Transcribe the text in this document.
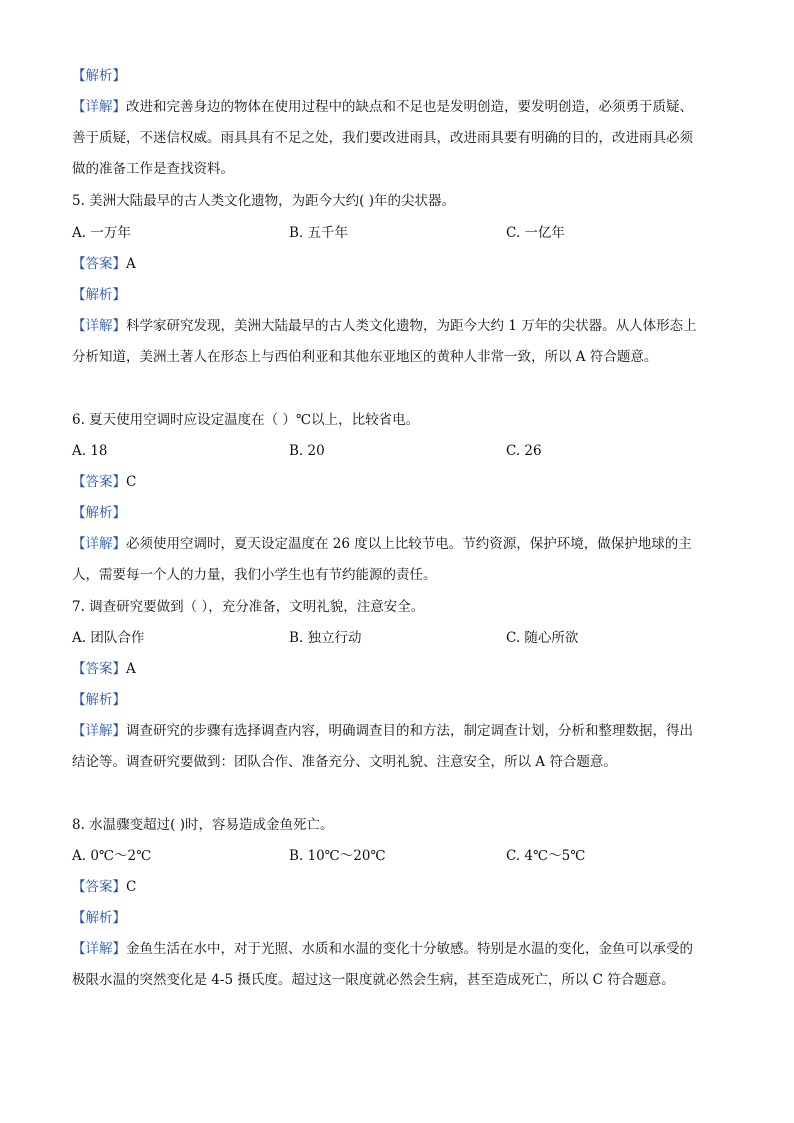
【解析】
【详解】改进和完善身边的物体在使用过程中的缺点和不足也是发明创造，要发明创造，必须勇于质疑、
善于质疑，不迷信权威。雨具具有不足之处，我们要改进雨具，改进雨具要有明确的目的，改进雨具必须
做的准备工作是查找资料。
5. 美洲大陆最早的古人类文化遗物，为距今大约( )年的尖状器。
A. 一万年	B. 五千年	C. 一亿年
【答案】A
【解析】
【详解】科学家研究发现，美洲大陆最早的古人类文化遗物，为距今大约 1 万年的尖状器。从人体形态上
分析知道，美洲土著人在形态上与西伯利亚和其他东亚地区的黄种人非常一致，所以 A 符合题意。
6. 夏天使用空调时应设定温度在（ ）℃以上，比较省电。
A. 18	B. 20	C. 26
【答案】C
【解析】
【详解】必须使用空调时，夏天设定温度在 26 度以上比较节电。节约资源，保护环境，做保护地球的主
人，需要每一个人的力量，我们小学生也有节约能源的责任。
7. 调查研究要做到（ ），充分准备，文明礼貌，注意安全。
A. 团队合作	B. 独立行动	C. 随心所欲
【答案】A
【解析】
【详解】调查研究的步骤有选择调查内容，明确调查目的和方法，制定调查计划，分析和整理数据，得出
结论等。调查研究要做到：团队合作、准备充分、文明礼貌、注意安全，所以 A 符合题意。
8. 水温骤变超过( )时，容易造成金鱼死亡。
A. 0℃～2℃	B. 10℃～20℃	C. 4℃～5℃
【答案】C
【解析】
【详解】金鱼生活在水中，对于光照、水质和水温的变化十分敏感。特别是水温的变化，金鱼可以承受的
极限水温的突然变化是 4-5 摄氏度。超过这一限度就必然会生病，甚至造成死亡，所以 C 符合题意。
